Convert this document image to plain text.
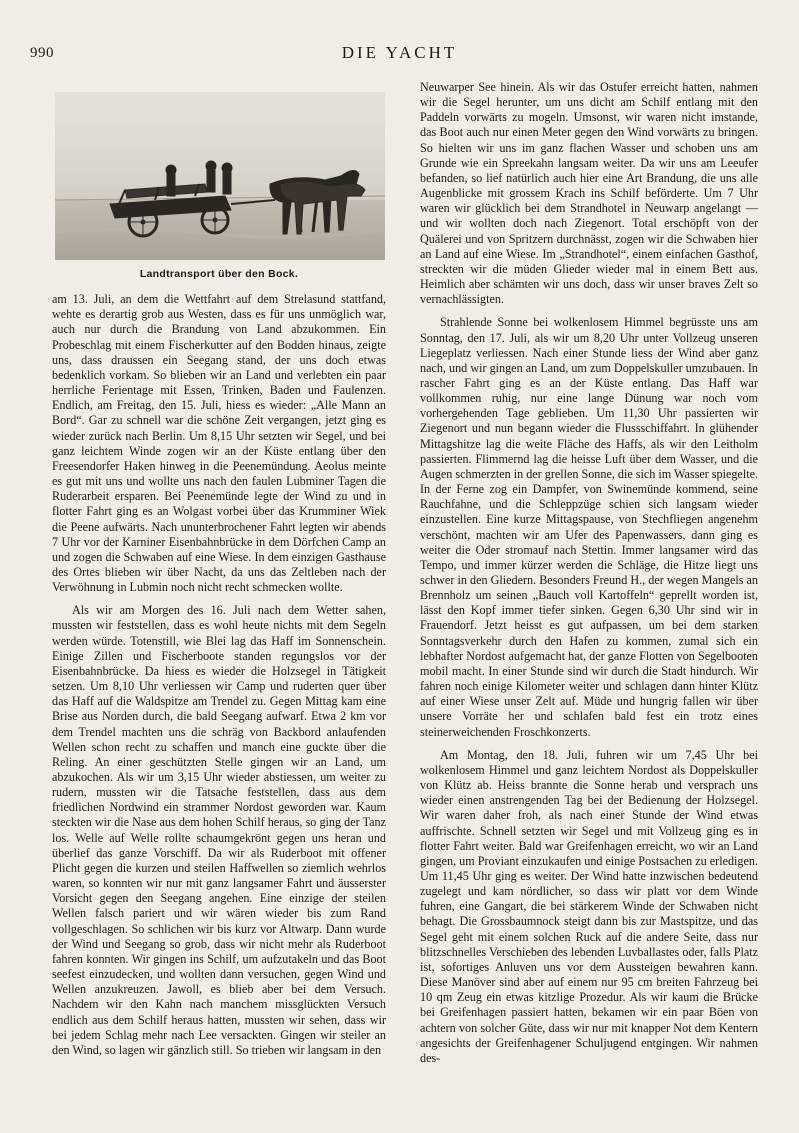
990	DIE YACHT
Landtransport über den Bock.

am 13. Juli, an dem die Wettfahrt auf dem Strelasund stattfand, wehte es derartig grob aus Westen, dass es für uns unmöglich war, auch nur durch die Brandung von Land abzukommen. Ein Probeschlag mit einem Fischerkutter auf den Bodden hinaus, zeigte uns, dass draussen ein Seegang stand, der uns doch etwas bedenklich vorkam. So blieben wir an Land und verlebten ein paar herrliche Ferientage mit Essen, Trinken, Baden und Faulenzen. Endlich, am Freitag, den 15. Juli, hiess es wieder: „Alle Mann an Bord“. Gar zu schnell war die schöne Zeit vergangen, jetzt ging es wieder zurück nach Berlin. Um 8,15 Uhr setzten wir Segel, und bei ganz leichtem Winde zogen wir an der Küste entlang über den Freesendorfer Haken hinweg in die Peenemündung. Aeolus meinte es gut mit uns und wollte uns nach den faulen Lubminer Tagen die Ruderarbeit ersparen. Bei Peenemünde legte der Wind zu und in flotter Fahrt ging es an Wolgast vorbei über das Krumminer Wiek die Peene aufwärts. Nach ununterbrochener Fahrt legten wir abends 7 Uhr vor der Karniner Eisenbahnbrücke in dem Dörfchen Camp an und zogen die Schwaben auf eine Wiese. In dem einzigen Gasthause des Ortes blieben wir über Nacht, da uns das Zeltleben nach der Verwöhnung in Lubmin noch nicht recht schmecken wollte.

Als wir am Morgen des 16. Juli nach dem Wetter sahen, mussten wir feststellen, dass es wohl heute nichts mit dem Segeln werden würde. Totenstill, wie Blei lag das Haff im Sonnenschein. Einige Zillen und Fischerboote standen regungslos vor der Eisenbahnbrücke. Da hiess es wieder die Holzsegel in Tätigkeit setzen. Um 8,10 Uhr verliessen wir Camp und ruderten quer über das Haff auf die Waldspitze am Trendel zu. Gegen Mittag kam eine Brise aus Norden durch, die bald Seegang aufwarf. Etwa 2 km vor dem Trendel machten uns die schräg von Backbord anlaufenden Wellen schon recht zu schaffen und manch eine guckte über die Reling. An einer geschützten Stelle gingen wir an Land, um abzukochen. Als wir um 3,15 Uhr wieder abstiessen, um weiter zu rudern, mussten wir die Tatsache feststellen, dass aus dem friedlichen Nordwind ein strammer Nordost geworden war. Kaum steckten wir die Nase aus dem hohen Schilf heraus, so ging der Tanz los. Welle auf Welle rollte schaumgekrönt gegen uns heran und überlief das ganze Vorschiff. Da wir als Ruderboot mit offener Plicht gegen die kurzen und steilen Haffwellen so ziemlich wehrlos waren, so konnten wir nur mit ganz langsamer Fahrt und äusserster Vorsicht gegen den Seegang angehen. Eine einzige der steilen Wellen falsch pariert und wir wären wieder bis zum Rand vollgeschlagen. So schlichen wir bis kurz vor Altwarp. Dann wurde der Wind und Seegang so grob, dass wir nicht mehr als Ruderboot fahren konnten. Wir gingen ins Schilf, um aufzutakeln und das Boot seefest einzudecken, und wollten dann versuchen, gegen Wind und Wellen anzukreuzen. Jawoll, es blieb aber bei dem Versuch. Nachdem wir den Kahn nach manchem missglückten Versuch endlich aus dem Schilf heraus hatten, mussten wir sehen, dass wir bei jedem Schlag mehr nach Lee versackten. Gingen wir steiler an den Wind, so lagen wir gänzlich still. So trieben wir langsam in den

Neuwarper See hinein. Als wir das Ostufer erreicht hatten, nahmen wir die Segel herunter, um uns dicht am Schilf entlang mit den Paddeln vorwärts zu mogeln. Umsonst, wir waren nicht imstande, das Boot auch nur einen Meter gegen den Wind vorwärts zu bringen. So hielten wir uns im ganz flachen Wasser und schoben uns am Grunde wie ein Spreekahn langsam weiter. Da wir uns am Leeufer befanden, so lief natürlich auch hier eine Art Brandung, die uns alle Augenblicke mit grossem Krach ins Schilf beförderte. Um 7 Uhr waren wir glücklich bei dem Strandhotel in Neuwarp angelangt — und wir wollten doch nach Ziegenort. Total erschöpft von der Quälerei und von Spritzern durchnässt, zogen wir die Schwaben hier an Land auf eine Wiese. Im „Strandhotel“, einem einfachen Gasthof, streckten wir die müden Glieder wieder mal in einem Bett aus. Heimlich aber schämten wir uns doch, dass wir unser braves Zelt so vernachlässigten.

Strahlende Sonne bei wolkenlosem Himmel begrüsste uns am Sonntag, den 17. Juli, als wir um 8,20 Uhr unter Vollzeug unseren Liegeplatz verliessen. Nach einer Stunde liess der Wind aber ganz nach, und wir gingen an Land, um zum Doppelskuller umzubauen. In rascher Fahrt ging es an der Küste entlang. Das Haff war vollkommen ruhig, nur eine lange Dünung war noch vom vorhergehenden Tage geblieben. Um 11,30 Uhr passierten wir Ziegenort und nun begann wieder die Flussschiffahrt. In glühender Mittagshitze lag die weite Fläche des Haffs, als wir den Leitholm passierten. Flimmernd lag die heisse Luft über dem Wasser, und die Augen schmerzten in der grellen Sonne, die sich im Wasser spiegelte. In der Ferne zog ein Dampfer, von Swinemünde kommend, seine Rauchfahne, und die Schleppzüge schien sich langsam wieder einzustellen. Eine kurze Mittagspause, von Stechfliegen angenehm verschönt, machten wir am Ufer des Papenwassers, dann ging es weiter die Oder stromauf nach Stettin. Immer langsamer wird das Tempo, und immer kürzer werden die Schläge, die Hitze liegt uns schwer in den Gliedern. Besonders Freund H., der wegen Mangels an Brennholz um seinen „Bauch voll Kartoffeln“ geprellt worden ist, lässt den Kopf immer tiefer sinken. Gegen 6,30 Uhr sind wir in Frauendorf. Jetzt heisst es gut aufpassen, um bei dem starken Sonntagsverkehr durch den Hafen zu kommen, zumal sich ein lebhafter Nordost aufgemacht hat, der ganze Flotten von Segelbooten mobil macht. In einer Stunde sind wir durch die Stadt hindurch. Wir fahren noch einige Kilometer weiter und schlagen dann hinter Klütz auf einer Wiese unser Zelt auf. Müde und hungrig fallen wir über unsere Vorräte her und schlafen bald fest ein trotz eines steinerweichenden Froschkonzerts.

Am Montag, den 18. Juli, fuhren wir um 7,45 Uhr bei wolkenlosem Himmel und ganz leichtem Nordost als Doppelskuller von Klütz ab. Heiss brannte die Sonne herab und versprach uns wieder einen anstrengenden Tag bei der Bedienung der Holzsegel. Wir waren daher froh, als nach einer Stunde der Wind etwas auffrischte. Schnell setzten wir Segel und mit Vollzeug ging es in flotter Fahrt weiter. Bald war Greifenhagen erreicht, wo wir an Land gingen, um Proviant einzukaufen und einige Postsachen zu erledigen. Um 11,45 Uhr ging es weiter. Der Wind hatte inzwischen bedeutend zugelegt und kam nördlicher, so dass wir platt vor dem Winde fuhren, eine Gangart, die bei stärkerem Winde der Schwaben nicht behagt. Die Grossbaumnock steigt dann bis zur Mastspitze, und das Segel geht mit einem solchen Ruck auf die andere Seite, dass nur blitzschnelles Verschieben des lebenden Luvballastes oder, falls Platz ist, sofortiges Anluven uns vor dem Aussteigen bewahren kann. Diese Manöver sind aber auf einem nur 95 cm breiten Fahrzeug bei 10 qm Zeug ein etwas kitzlige Prozedur. Als wir kaum die Brücke bei Greifenhagen passiert hatten, bekamen wir ein paar Böen von achtern von solcher Güte, dass wir nur mit knapper Not dem Kentern angesichts der Greifenhagener Schuljugend entgingen. Wir nahmen des-
